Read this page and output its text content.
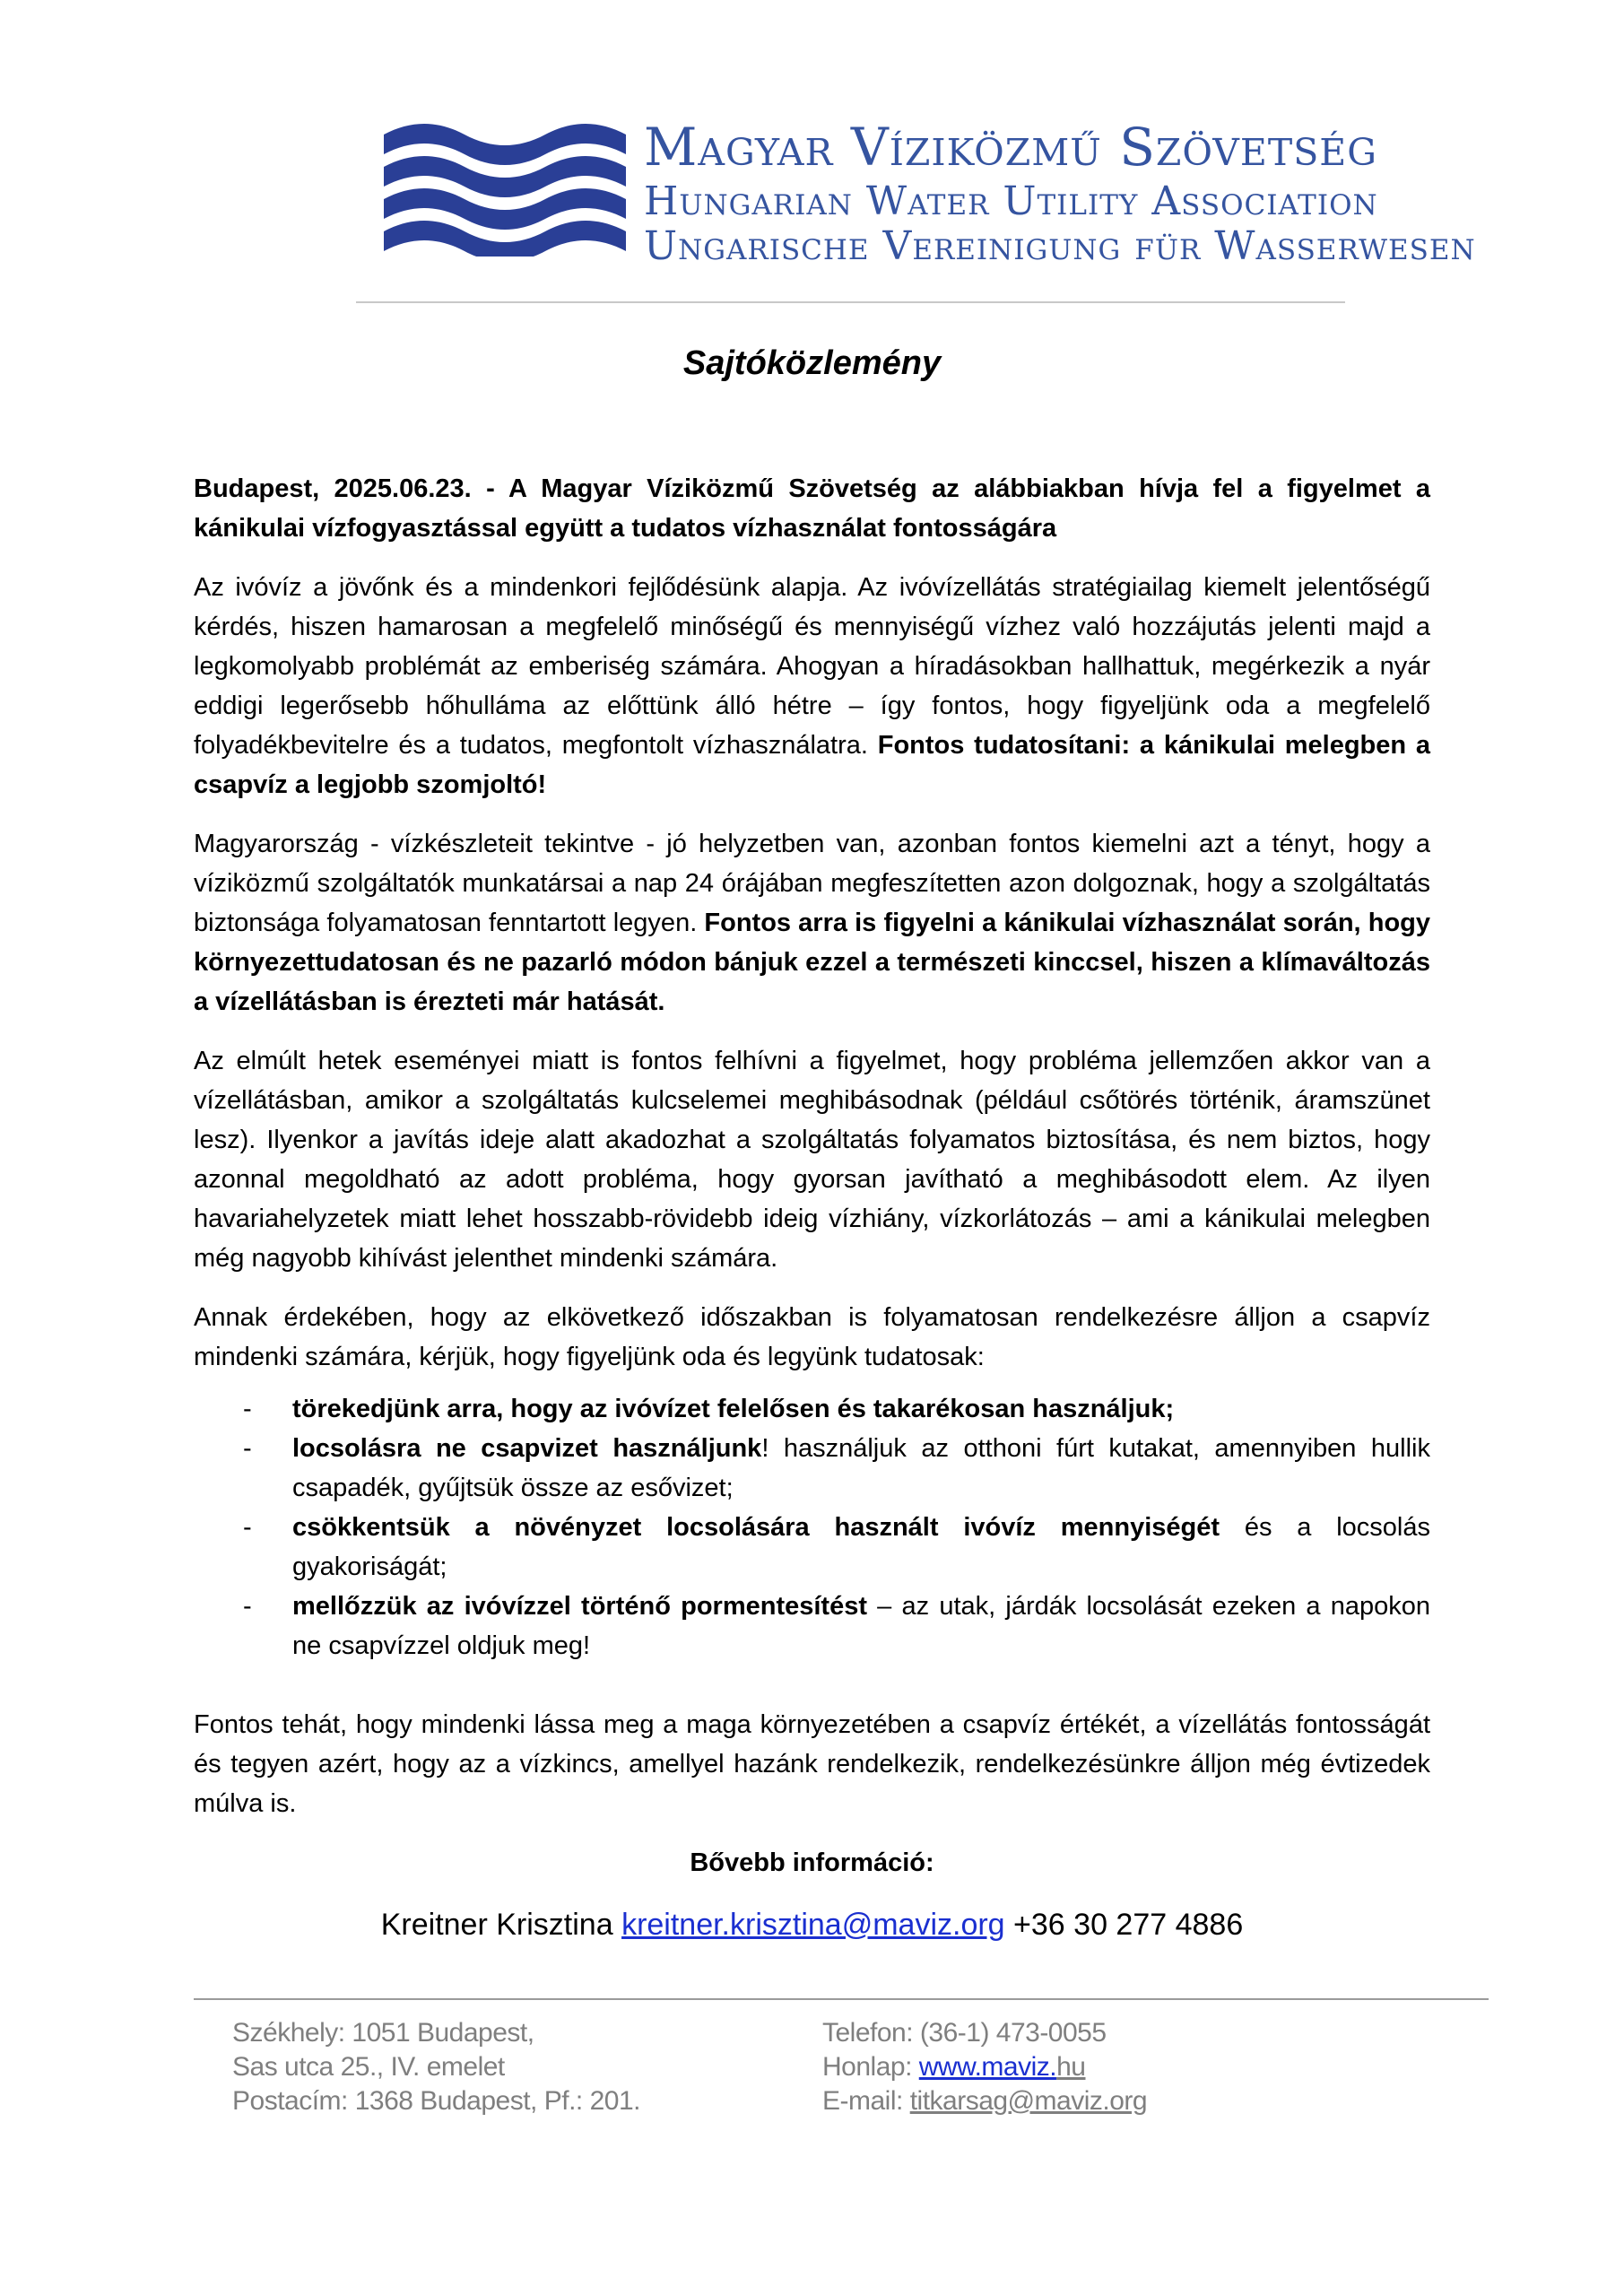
Magyar Víziközmű Szövetség
Hungarian Water Utility Association
Ungarische Vereinigung für Wasserwesen
Sajtóközlemény

Budapest, 2025.06.23. - A Magyar Víziközmű Szövetség az alábbiakban hívja fel a figyelmet a kánikulai vízfogyasztással együtt a tudatos vízhasználat fontosságára

Az ivóvíz a jövőnk és a mindenkori fejlődésünk alapja. Az ivóvízellátás stratégiailag kiemelt jelentőségű kérdés, hiszen hamarosan a megfelelő minőségű és mennyiségű vízhez való hozzájutás jelenti majd a legkomolyabb problémát az emberiség számára. Ahogyan a híradásokban hallhattuk, megérkezik a nyár eddigi legerősebb hőhulláma az előttünk álló hétre – így fontos, hogy figyeljünk oda a megfelelő folyadékbevitelre és a tudatos, megfontolt vízhasználatra. Fontos tudatosítani: a kánikulai melegben a csapvíz a legjobb szomjoltó!

Magyarország - vízkészleteit tekintve - jó helyzetben van, azonban fontos kiemelni azt a tényt, hogy a víziközmű szolgáltatók munkatársai a nap 24 órájában megfeszítetten azon dolgoznak, hogy a szolgáltatás biztonsága folyamatosan fenntartott legyen. Fontos arra is figyelni a kánikulai vízhasználat során, hogy környezettudatosan és ne pazarló módon bánjuk ezzel a természeti kinccsel, hiszen a klímaváltozás a vízellátásban is érezteti már hatását.

Az elmúlt hetek eseményei miatt is fontos felhívni a figyelmet, hogy probléma jellemzően akkor van a vízellátásban, amikor a szolgáltatás kulcselemei meghibásodnak (például csőtörés történik, áramszünet lesz). Ilyenkor a javítás ideje alatt akadozhat a szolgáltatás folyamatos biztosítása, és nem biztos, hogy azonnal megoldható az adott probléma, hogy gyorsan javítható a meghibásodott elem. Az ilyen havariahelyzetek miatt lehet hosszabb-rövidebb ideig vízhiány, vízkorlátozás – ami a kánikulai melegben még nagyobb kihívást jelenthet mindenki számára.

Annak érdekében, hogy az elkövetkező időszakban is folyamatosan rendelkezésre álljon a csapvíz mindenki számára, kérjük, hogy figyeljünk oda és legyünk tudatosak:

- törekedjünk arra, hogy az ivóvízet felelősen és takarékosan használjuk;
- locsolásra ne csapvizet használjunk! használjuk az otthoni fúrt kutakat, amennyiben hullik csapadék, gyűjtsük össze az esővizet;
- csökkentsük a növényzet locsolására használt ivóvíz mennyiségét és a locsolás gyakoriságát;
- mellőzzük az ivóvízzel történő pormentesítést – az utak, járdák locsolását ezeken a napokon ne csapvízzel oldjuk meg!

Fontos tehát, hogy mindenki lássa meg a maga környezetében a csapvíz értékét, a vízellátás fontosságát és tegyen azért, hogy az a vízkincs, amellyel hazánk rendelkezik, rendelkezésünkre álljon még évtizedek múlva is.

Bővebb információ:

Kreitner Krisztina kreitner.krisztina@maviz.org +36 30 277 4886
Székhely: 1051 Budapest,
Sas utca 25., IV. emelet
Postacím: 1368 Budapest, Pf.: 201.
Telefon: (36-1) 473-0055
Honlap: www.maviz.hu
E-mail: titkarsag@maviz.org
